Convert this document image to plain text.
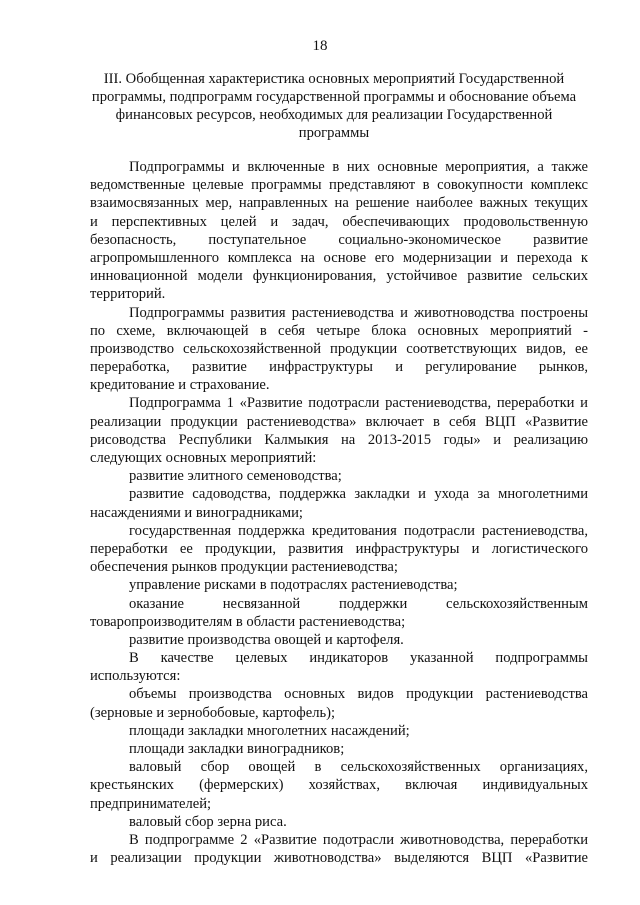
18
III. Обобщенная характеристика основных мероприятий Государственной
программы, подпрограмм государственной программы и обоснование объема
финансовых ресурсов, необходимых для реализации Государственной
программы
Подпрограммы и включенные в них основные мероприятия, а также
ведомственные целевые программы представляют в совокупности комплекс
взаимосвязанных мер, направленных на решение наиболее важных текущих
и перспективных целей и задач, обеспечивающих продовольственную
безопасность, поступательное социально-экономическое развитие
агропромышленного комплекса на основе его модернизации и перехода к
инновационной модели функционирования, устойчивое развитие сельских
территорий.
Подпрограммы развития растениеводства и животноводства построены
по схеме, включающей в себя четыре блока основных мероприятий -
производство сельскохозяйственной продукции соответствующих видов, ее
переработка, развитие инфраструктуры и регулирование рынков,
кредитование и страхование.
Подпрограмма 1 «Развитие подотрасли растениеводства, переработки и
реализации продукции растениеводства» включает в себя ВЦП «Развитие
рисоводства Республики Калмыкия на 2013-2015 годы» и реализацию
следующих основных мероприятий:
развитие элитного семеноводства;
развитие садоводства, поддержка закладки и ухода за многолетними
насаждениями и виноградниками;
государственная поддержка кредитования подотрасли растениеводства,
переработки ее продукции, развития инфраструктуры и логистического
обеспечения рынков продукции растениеводства;
управление рисками в подотраслях растениеводства;
оказание несвязанной поддержки сельскохозяйственным
товаропроизводителям в области растениеводства;
развитие производства овощей и картофеля.
В качестве целевых индикаторов указанной подпрограммы
используются:
объемы производства основных видов продукции растениеводства
(зерновые и зернобобовые, картофель);
площади закладки многолетних насаждений;
площади закладки виноградников;
валовый сбор овощей в сельскохозяйственных организациях,
крестьянских (фермерских) хозяйствах, включая индивидуальных
предпринимателей;
валовый сбор зерна риса.
В подпрограмме 2 «Развитие подотрасли животноводства, переработки
и реализации продукции животноводства» выделяются ВЦП «Развитие
